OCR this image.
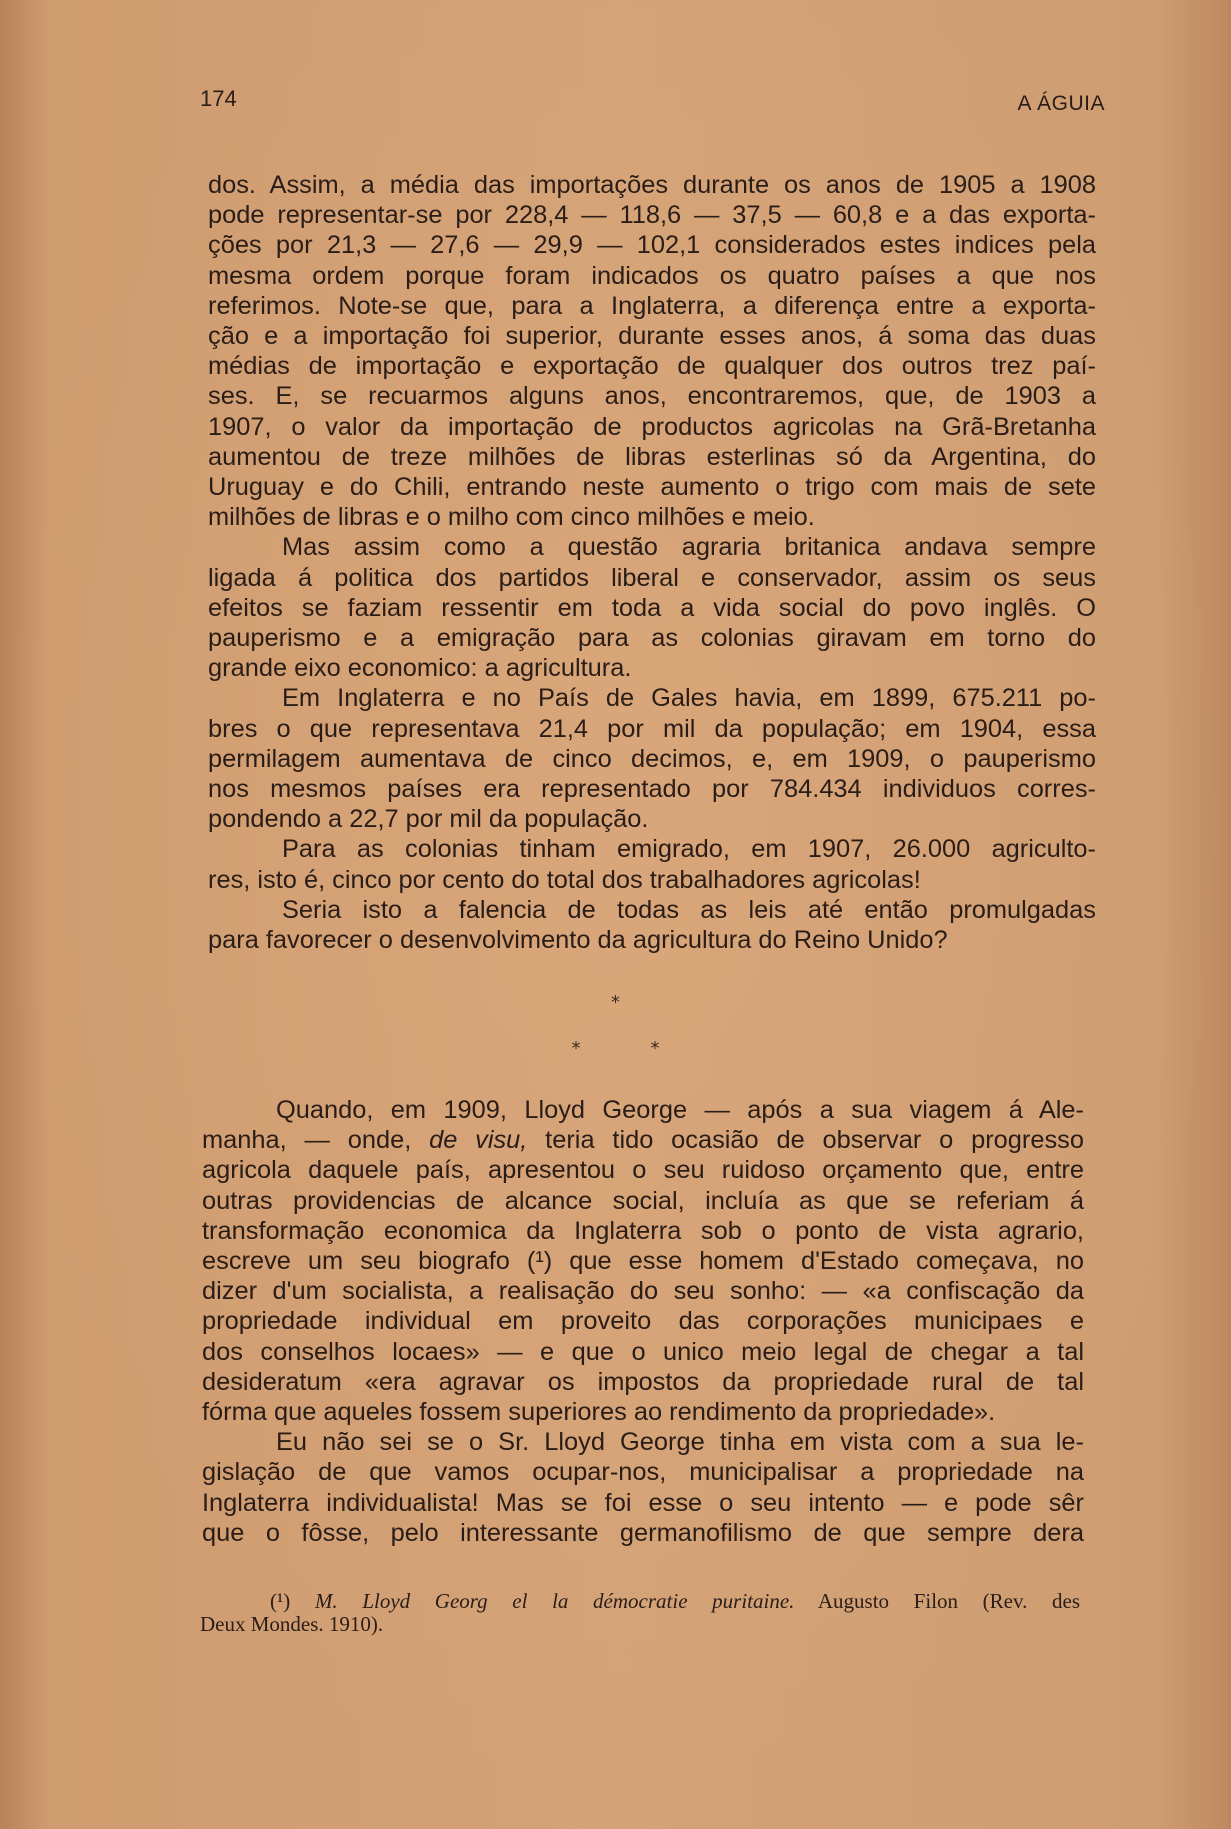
174	A ÁGUIA
dos. Assim, a média das importações durante os anos de 1905 a 1908
pode representar-se por 228,4 — 118,6 — 37,5 — 60,8 e a das exporta-
ções por 21,3 — 27,6 — 29,9 — 102,1 considerados estes indices pela
mesma ordem porque foram indicados os quatro países a que nos
referimos. Note-se que, para a Inglaterra, a diferença entre a exporta-
ção e a importação foi superior, durante esses anos, á soma das duas
médias de importação e exportação de qualquer dos outros trez paí-
ses. E, se recuarmos alguns anos, encontraremos, que, de 1903 a
1907, o valor da importação de productos agricolas na Grã-Bretanha
aumentou de treze milhões de libras esterlinas só da Argentina, do
Uruguay e do Chili, entrando neste aumento o trigo com mais de sete
milhões de libras e o milho com cinco milhões e meio.
Mas assim como a questão agraria britanica andava sempre
ligada á politica dos partidos liberal e conservador, assim os seus
efeitos se faziam ressentir em toda a vida social do povo inglês. O
pauperismo e a emigração para as colonias giravam em torno do
grande eixo economico: a agricultura.
Em Inglaterra e no País de Gales havia, em 1899, 675.211 po-
bres o que representava 21,4 por mil da população; em 1904, essa
permilagem aumentava de cinco decimos, e, em 1909, o pauperismo
nos mesmos países era representado por 784.434 individuos corres-
pondendo a 22,7 por mil da população.
Para as colonias tinham emigrado, em 1907, 26.000 agriculto-
res, isto é, cinco por cento do total dos trabalhadores agricolas!
Seria isto a falencia de todas as leis até então promulgadas
para favorecer o desenvolvimento da agricultura do Reino Unido?
*
**
Quando, em 1909, Lloyd George — após a sua viagem á Ale-
manha, — onde, de visu, teria tido ocasião de observar o progresso
agricola daquele país, apresentou o seu ruidoso orçamento que, entre
outras providencias de alcance social, incluía as que se referiam á
transformação economica da Inglaterra sob o ponto de vista agrario,
escreve um seu biografo (¹) que esse homem d'Estado começava, no
dizer d'um socialista, a realisação do seu sonho: — «a confiscação da
propriedade individual em proveito das corporações municipaes e
dos conselhos locaes» — e que o unico meio legal de chegar a tal
desideratum «era agravar os impostos da propriedade rural de tal
fórma que aqueles fossem superiores ao rendimento da propriedade».
Eu não sei se o Sr. Lloyd George tinha em vista com a sua le-
gislação de que vamos ocupar-nos, municipalisar a propriedade na
Inglaterra individualista! Mas se foi esse o seu intento — e pode sêr
que o fôsse, pelo interessante germanofilismo de que sempre dera
(¹) M. Lloyd Georg el la démocratie puritaine. Augusto Filon (Rev. des
Deux Mondes. 1910).
